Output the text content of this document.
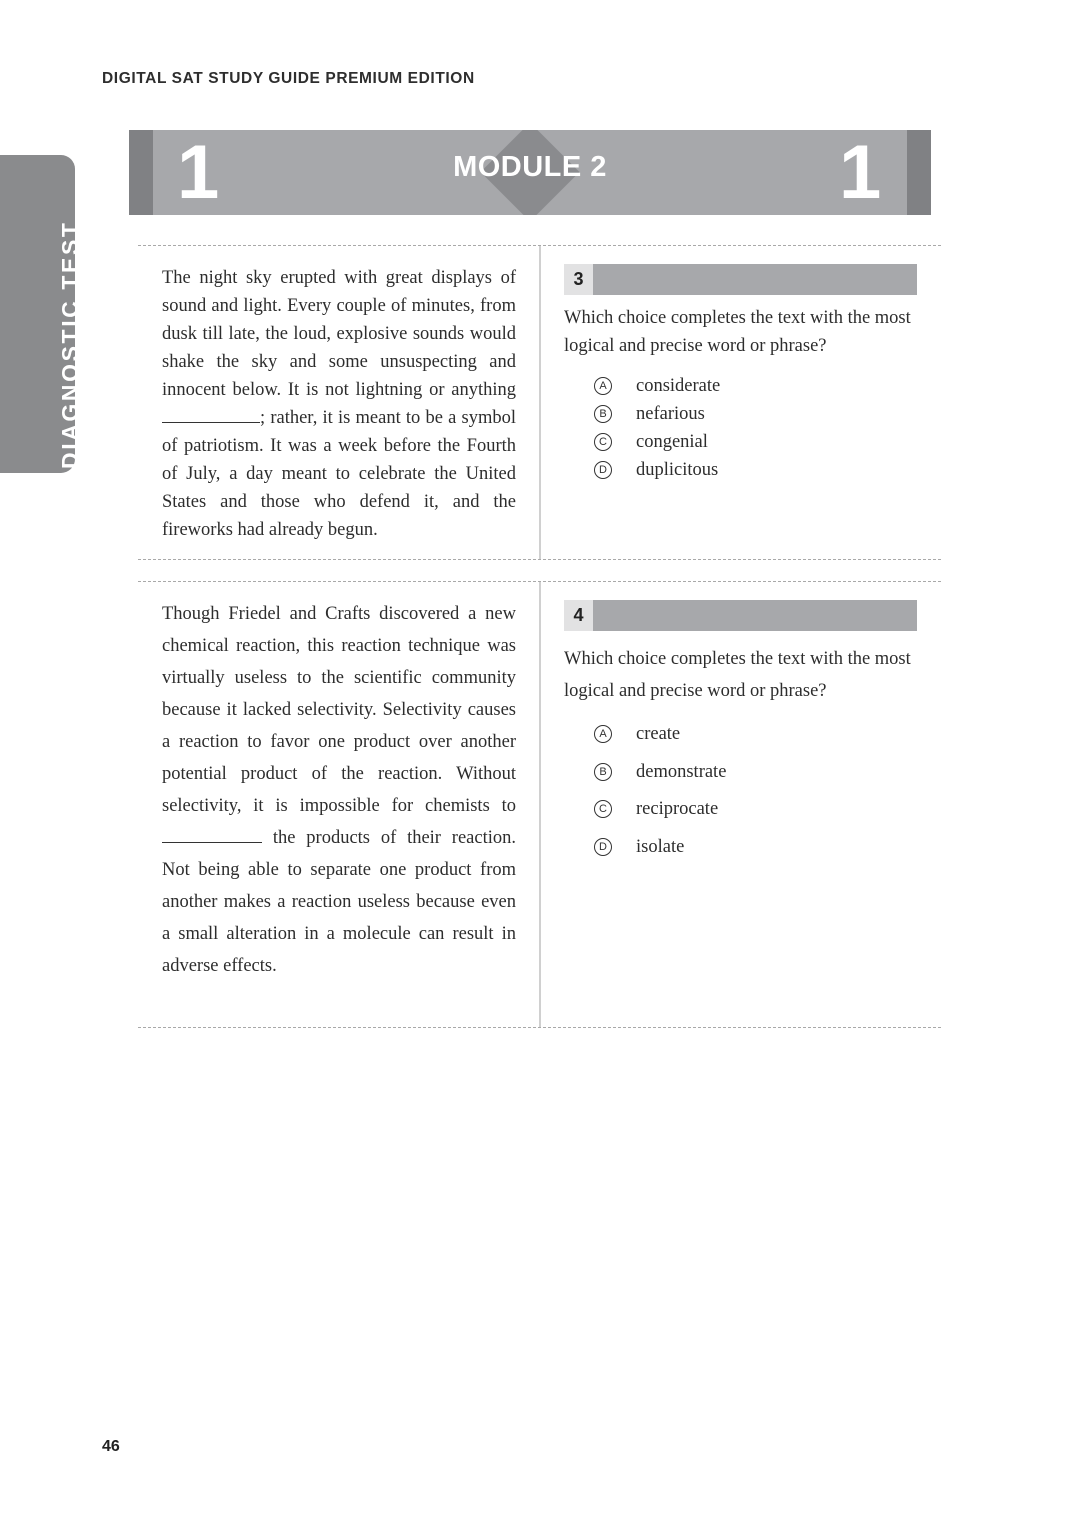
DIGITAL SAT STUDY GUIDE PREMIUM EDITION
DIAGNOSTIC TEST
1	MODULE 2	1

The night sky erupted with great displays of sound and light. Every couple of minutes, from dusk till late, the loud, explosive sounds would shake the sky and some unsuspecting and innocent below. It is not lightning or anything; rather, it is meant to be a symbol of patriotism. It was a week before the Fourth of July, a day meant to celebrate the United States and those who defend it, and the fireworks had already begun.

3

Which choice completes the text with the most logical and precise word or phrase?

A considerate
B nefarious
C congenial
D duplicitous

Though Friedel and Crafts discovered a new chemical reaction, this reaction technique was virtually useless to the scientific community because it lacked selectivity. Selectivity causes a reaction to favor one product over another potential product of the reaction. Without selectivity, it is impossible for chemists to  the products of their reaction. Not being able to separate one product from another makes a reaction useless because even a small alteration in a molecule can result in adverse effects.

4

Which choice completes the text with the most logical and precise word or phrase?

A create
B demonstrate
C reciprocate
D isolate
46
